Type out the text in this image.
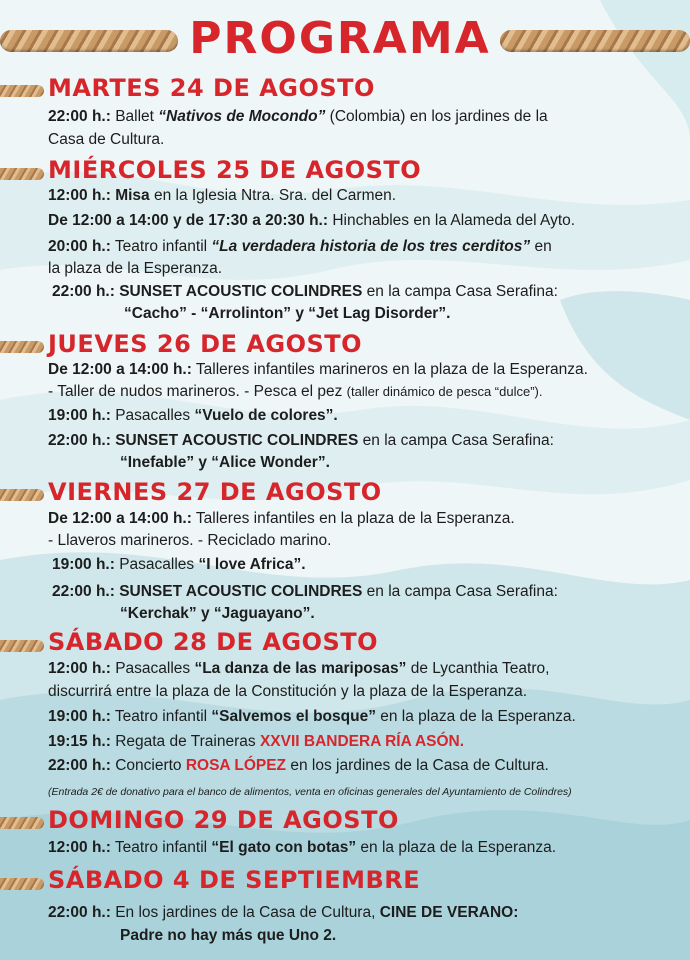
PROGRAMA
MARTES 24 DE AGOSTO
22:00 h.: Ballet “Nativos de Mocondo” (Colombia) en los jardines de la
Casa de Cultura.
MIÉRCOLES 25 DE AGOSTO
12:00 h.: Misa en la Iglesia Ntra. Sra. del Carmen.
De 12:00 a 14:00 y de 17:30 a 20:30 h.: Hinchables en la Alameda del Ayto.
20:00 h.: Teatro infantil “La verdadera historia de los tres cerditos” en
la plaza de la Esperanza.
22:00 h.: SUNSET ACOUSTIC COLINDRES en la campa Casa Serafina:
“Cacho” - “Arrolinton” y “Jet Lag Disorder”.
JUEVES 26 DE AGOSTO
De 12:00 a 14:00 h.: Talleres infantiles marineros en la plaza de la Esperanza.
- Taller de nudos marineros. - Pesca el pez (taller dinámico de pesca “dulce”).
19:00 h.: Pasacalles “Vuelo de colores”.
22:00 h.: SUNSET ACOUSTIC COLINDRES en la campa Casa Serafina:
“Inefable” y “Alice Wonder”.
VIERNES 27 DE AGOSTO
De 12:00 a 14:00 h.: Talleres infantiles en la plaza de la Esperanza.
- Llaveros marineros. - Reciclado marino.
19:00 h.: Pasacalles “I love Africa”.
22:00 h.: SUNSET ACOUSTIC COLINDRES en la campa Casa Serafina:
“Kerchak” y “Jaguayano”.
SÁBADO 28 DE AGOSTO
12:00 h.: Pasacalles “La danza de las mariposas” de Lycanthia Teatro,
discurrirá entre la plaza de la Constitución y la plaza de la Esperanza.
19:00 h.: Teatro infantil “Salvemos el bosque” en la plaza de la Esperanza.
19:15 h.: Regata de Traineras XXVII BANDERA RÍA ASÓN.
22:00 h.: Concierto ROSA LÓPEZ en los jardines de la Casa de Cultura.
(Entrada 2€ de donativo para el banco de alimentos, venta en oficinas generales del Ayuntamiento de Colindres)
DOMINGO 29 DE AGOSTO
12:00 h.: Teatro infantil “El gato con botas” en la plaza de la Esperanza.
SÁBADO 4 DE SEPTIEMBRE
22:00 h.: En los jardines de la Casa de Cultura, CINE DE VERANO:
Padre no hay más que Uno 2.
